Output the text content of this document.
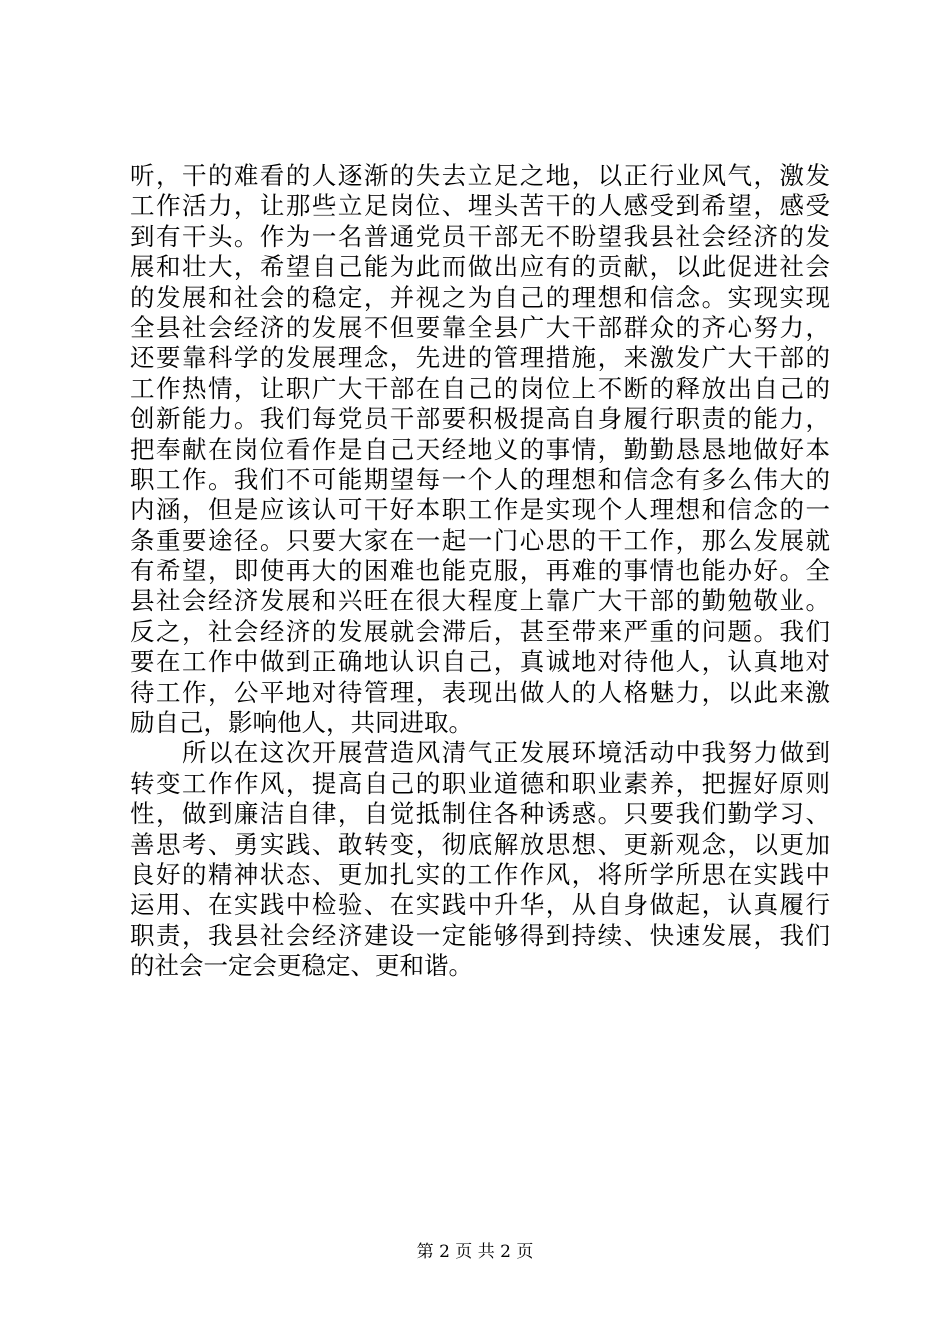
听，干的难看的人逐渐的失去立足之地，以正行业风气，激发
工作活力，让那些立足岗位、埋头苦干的人感受到希望，感受
到有干头。作为一名普通党员干部无不盼望我县社会经济的发
展和壮大，希望自己能为此而做出应有的贡献，以此促进社会
的发展和社会的稳定，并视之为自己的理想和信念。实现实现
全县社会经济的发展不但要靠全县广大干部群众的齐心努力，
还要靠科学的发展理念，先进的管理措施，来激发广大干部的
工作热情，让职广大干部在自己的岗位上不断的释放出自己的
创新能力。我们每党员干部要积极提高自身履行职责的能力，
把奉献在岗位看作是自己天经地义的事情，勤勤恳恳地做好本
职工作。我们不可能期望每一个人的理想和信念有多么伟大的
内涵，但是应该认可干好本职工作是实现个人理想和信念的一
条重要途径。只要大家在一起一门心思的干工作，那么发展就
有希望，即使再大的困难也能克服，再难的事情也能办好。全
县社会经济发展和兴旺在很大程度上靠广大干部的勤勉敬业。
反之，社会经济的发展就会滞后，甚至带来严重的问题。我们
要在工作中做到正确地认识自己，真诚地对待他人，认真地对
待工作，公平地对待管理，表现出做人的人格魅力，以此来激
励自己，影响他人，共同进取。
　　所以在这次开展营造风清气正发展环境活动中我努力做到
转变工作作风，提高自己的职业道德和职业素养，把握好原则
性，做到廉洁自律，自觉抵制住各种诱惑。只要我们勤学习、
善思考、勇实践、敢转变，彻底解放思想、更新观念，以更加
良好的精神状态、更加扎实的工作作风，将所学所思在实践中
运用、在实践中检验、在实践中升华，从自身做起，认真履行
职责，我县社会经济建设一定能够得到持续、快速发展，我们
的社会一定会更稳定、更和谐。
第 2 页 共 2 页
